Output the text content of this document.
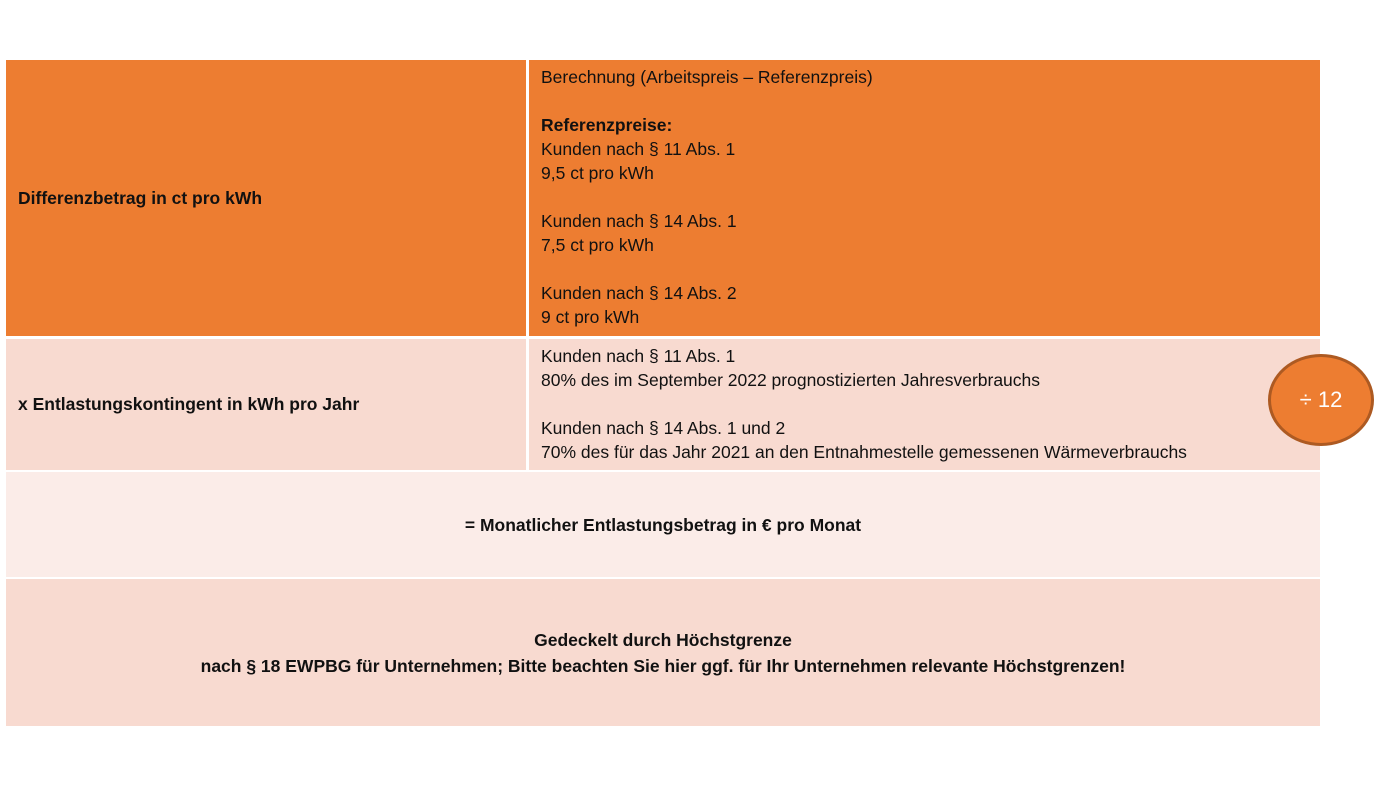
Differenzbetrag in ct pro kWh
Berechnung (Arbeitspreis – Referenzpreis)
Referenzpreise:
Kunden nach § 11 Abs. 1
9,5 ct pro kWh
Kunden nach § 14 Abs. 1
7,5 ct pro kWh
Kunden nach § 14 Abs. 2
9 ct pro kWh
x Entlastungskontingent in kWh pro Jahr
Kunden nach § 11 Abs. 1
80% des im September 2022 prognostizierten Jahresverbrauchs
Kunden nach § 14 Abs. 1 und 2
70% des für das Jahr 2021 an den Entnahmestelle gemessenen Wärmeverbrauchs
= Monatlicher Entlastungsbetrag in € pro Monat
Gedeckelt durch Höchstgrenze
nach § 18 EWPBG für Unternehmen; Bitte beachten Sie hier ggf. für Ihr Unternehmen relevante Höchstgrenzen!
÷ 12
